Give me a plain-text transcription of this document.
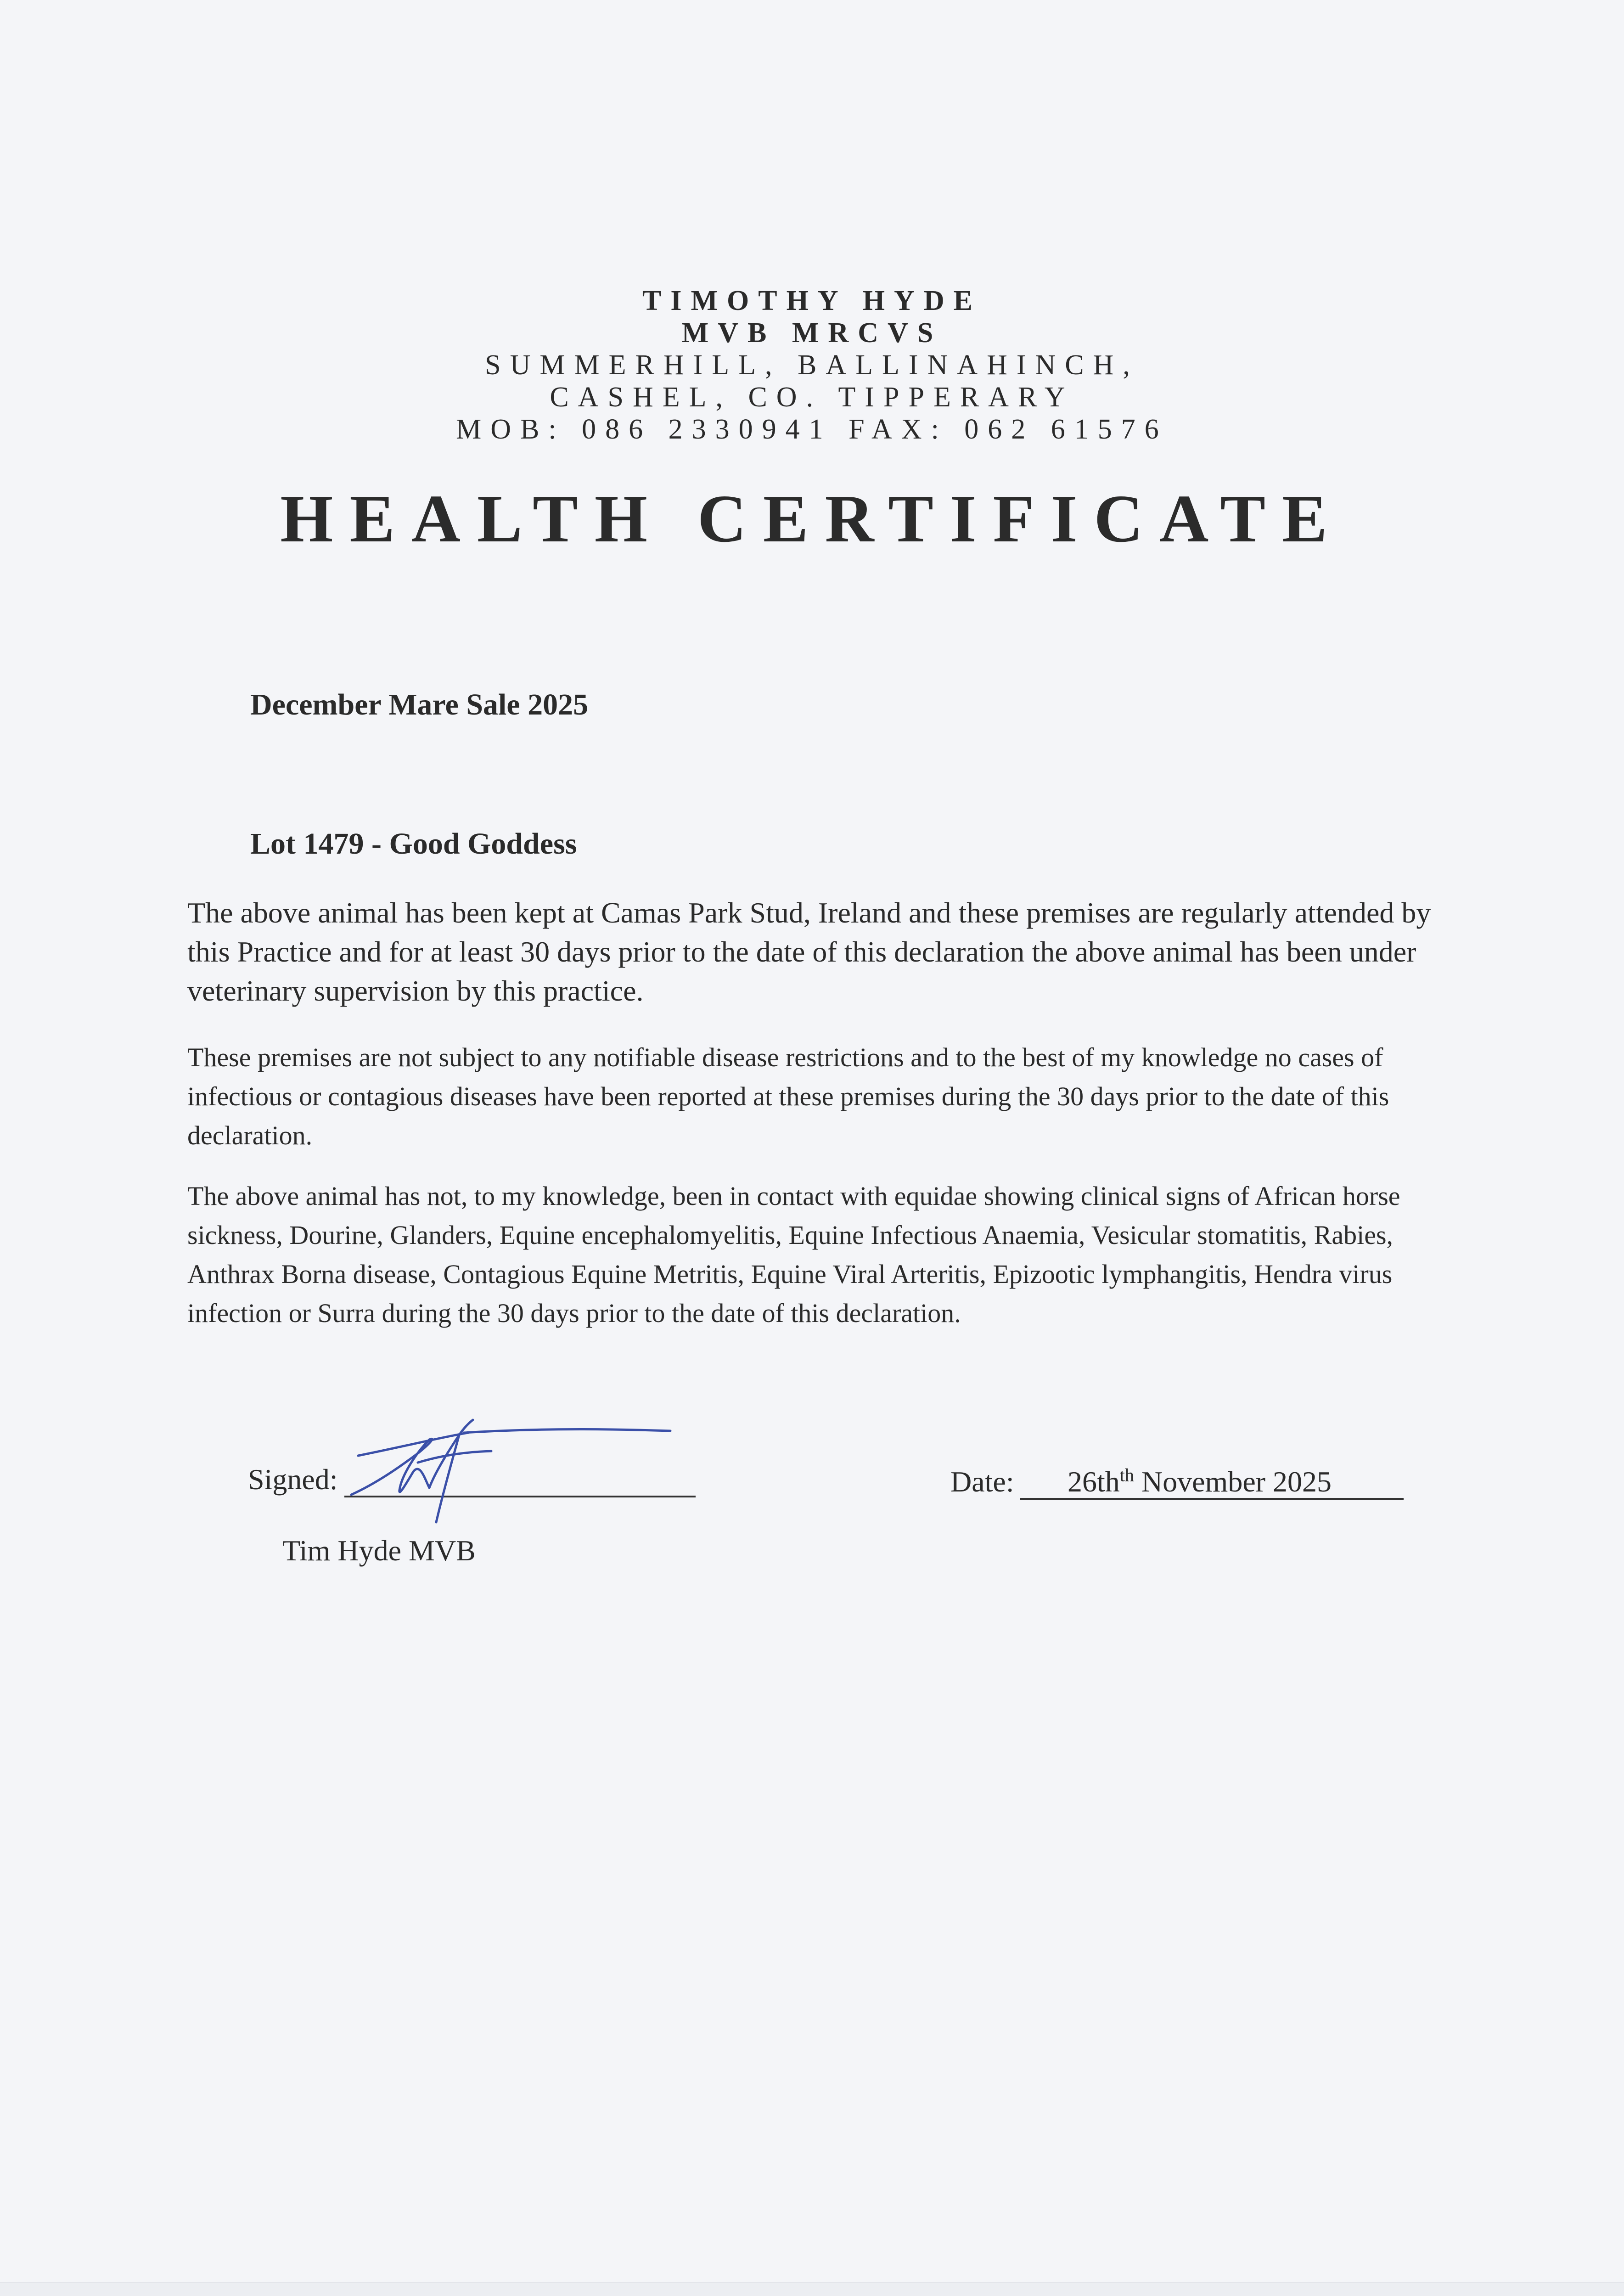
TIMOTHY HYDE
MVB MRCVS
SUMMERHILL, BALLINAHINCH,
CASHEL, CO. TIPPERARY
MOB: 086 2330941 FAX: 062 61576
HEALTH CERTIFICATE
December Mare Sale 2025
Lot 1479 - Good Goddess
The above animal has been kept at Camas Park Stud, Ireland and these premises are regularly attended by this Practice and for at least 30 days prior to the date of this declaration the above animal has been under veterinary supervision by this practice.
These premises are not subject to any notifiable disease restrictions and to the best of my knowledge no cases of infectious or contagious diseases have been reported at these premises during the 30 days prior to the date of this declaration.
The above animal has not, to my knowledge, been in contact with equidae showing clinical signs of African horse sickness, Dourine, Glanders, Equine encephalomyelitis, Equine Infectious Anaemia, Vesicular stomatitis, Rabies, Anthrax Borna disease, Contagious Equine Metritis, Equine Viral Arteritis, Epizootic lymphangitis, Hendra virus infection or Surra during the 30 days prior to the date of this declaration.
Signed:
Tim Hyde MVB
Date: $26th^{th}$ November 2025
